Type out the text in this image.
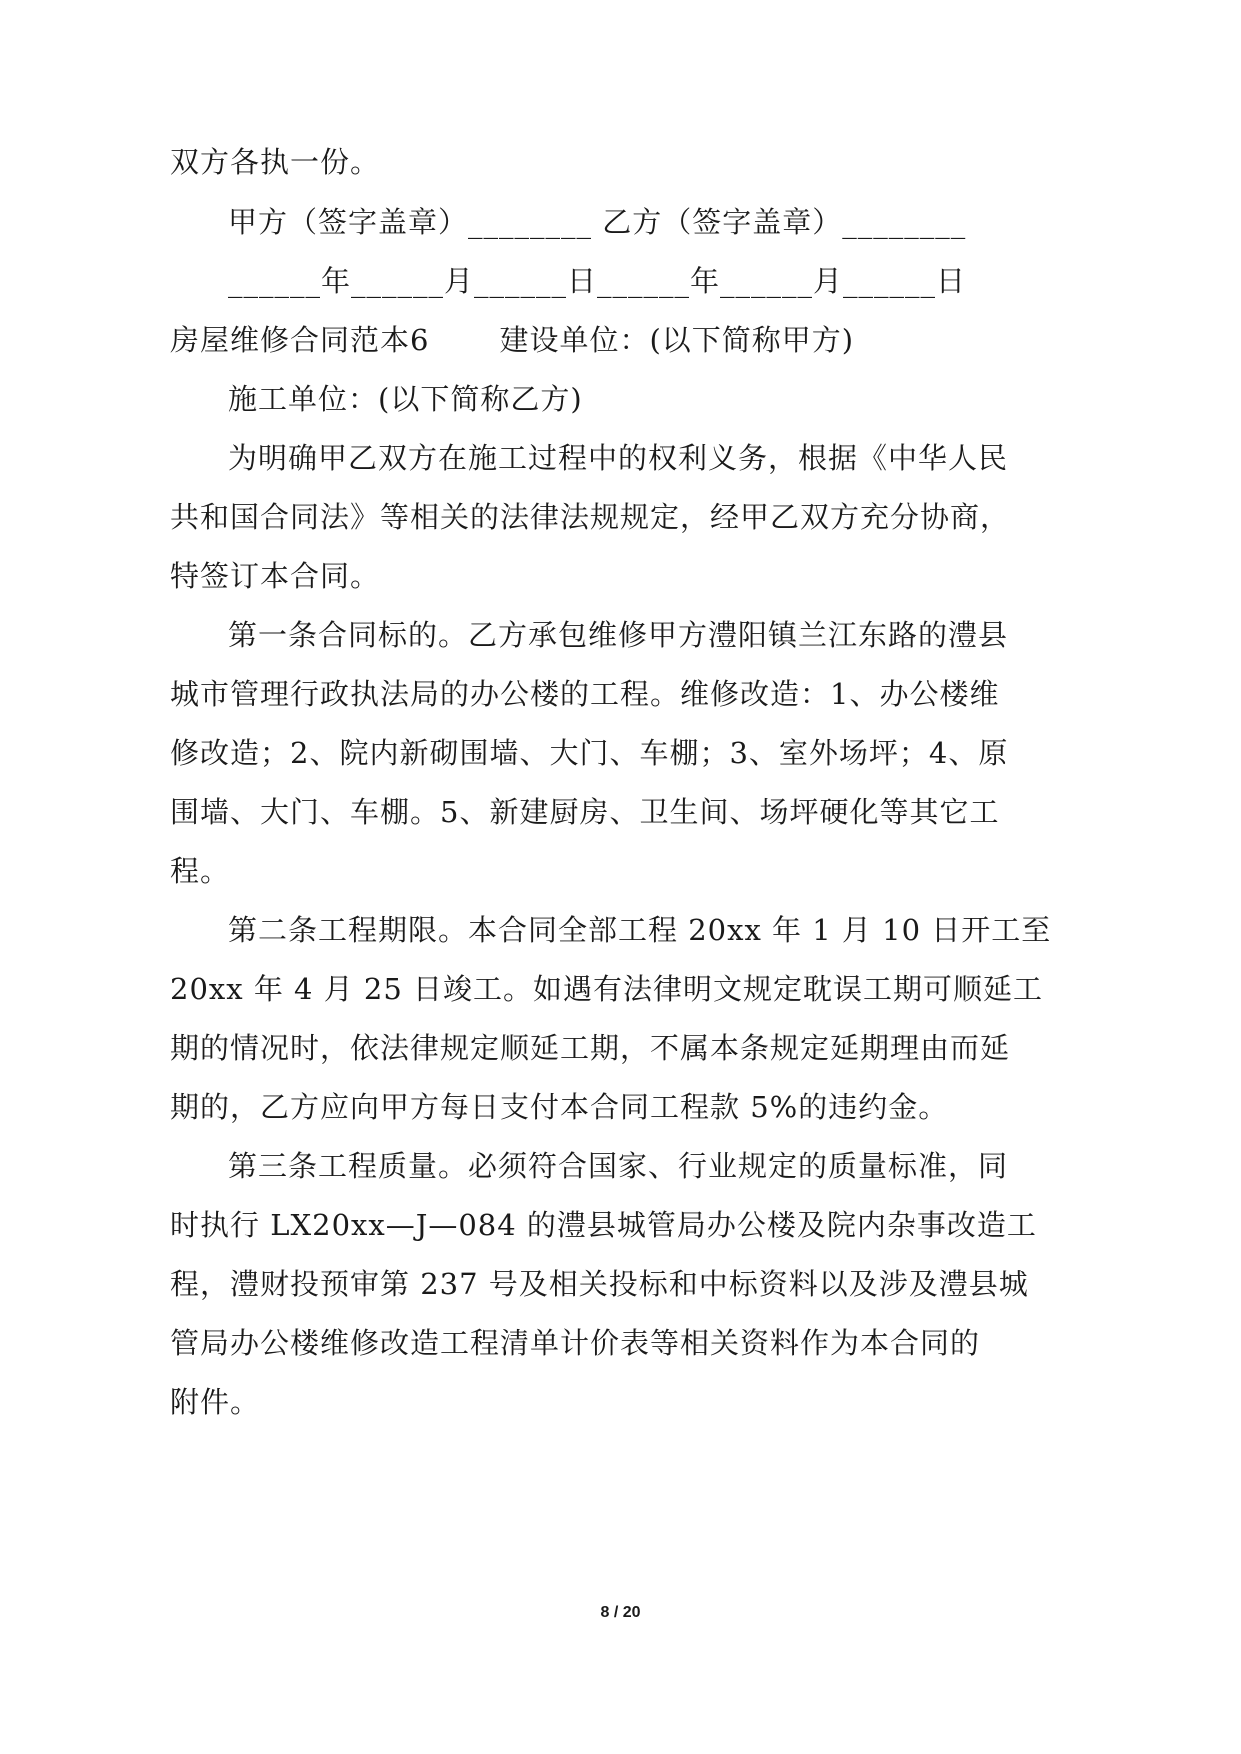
双方各执一份。
甲方（签字盖章）________ 乙方（签字盖章）________
______年______月______日______年______月______日
房屋维修合同范本6 建设单位：(以下简称甲方)
施工单位：(以下简称乙方)
为明确甲乙双方在施工过程中的权利义务，根据《中华人民
共和国合同法》等相关的法律法规规定，经甲乙双方充分协商，
特签订本合同。
第一条合同标的。乙方承包维修甲方澧阳镇兰江东路的澧县
城市管理行政执法局的办公楼的工程。维修改造：1、办公楼维
修改造；2、院内新砌围墙、大门、车棚；3、室外场坪；4、原
围墙、大门、车棚。5、新建厨房、卫生间、场坪硬化等其它工
程。
第二条工程期限。本合同全部工程 20xx 年 1 月 10 日开工至
20xx 年 4 月 25 日竣工。如遇有法律明文规定耽误工期可顺延工
期的情况时，依法律规定顺延工期，不属本条规定延期理由而延
期的，乙方应向甲方每日支付本合同工程款 5%的违约金。
第三条工程质量。必须符合国家、行业规定的质量标准，同
时执行 LX20xx—J—084 的澧县城管局办公楼及院内杂事改造工
程，澧财投预审第 237 号及相关投标和中标资料以及涉及澧县城
管局办公楼维修改造工程清单计价表等相关资料作为本合同的
附件。
8 / 20
